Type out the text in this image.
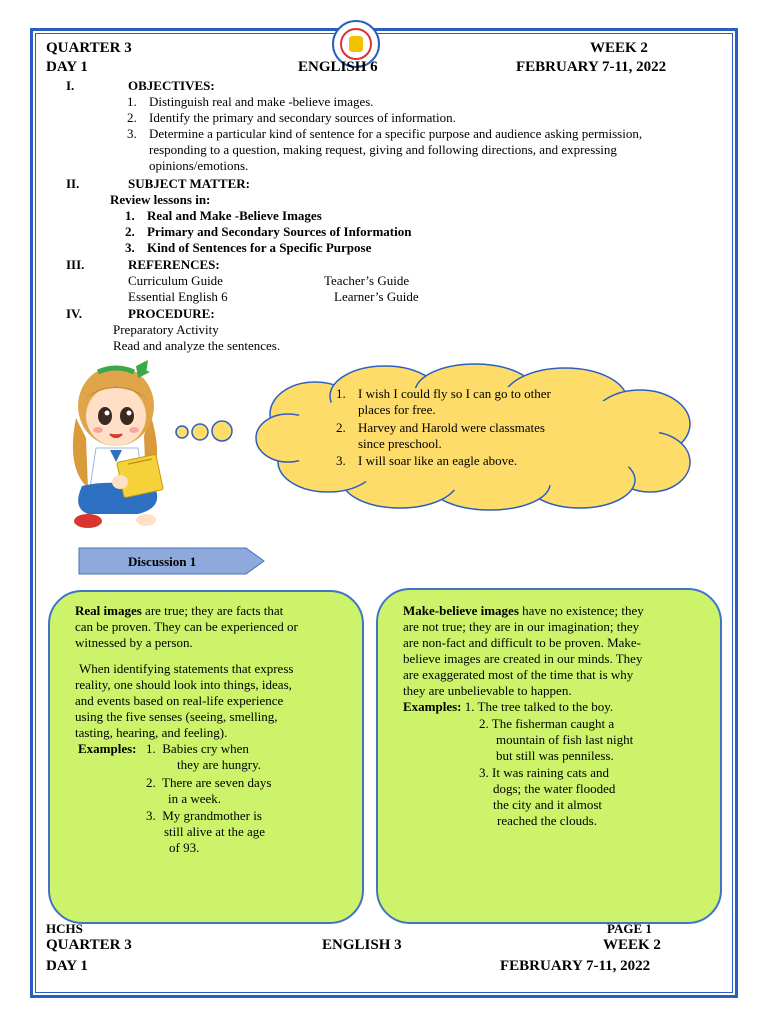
QUARTER 3	WEEK 2
DAY 1	ENGLISH 6	FEBRUARY 7-11, 2022
I.	OBJECTIVES:
1. Distinguish real and make -believe images.
2. Identify the primary and secondary sources of information.
3. Determine a particular kind of sentence for a specific purpose and audience asking permission,
responding to a question, making request, giving and following directions, and expressing
opinions/emotions.
II.	SUBJECT MATTER:
Review lessons in:
1. Real and Make -Believe Images
2. Primary and Secondary Sources of Information
3. Kind of Sentences for a Specific Purpose
III.	REFERENCES:
Curriculum Guide	Teacher’s Guide
Essential English 6	Learner’s Guide
IV.	PROCEDURE:
Preparatory Activity
Read and analyze the sentences.
1. I wish I could fly so I can go to other
places for free.
2. Harvey and Harold were classmates
since preschool.
3. I will soar like an eagle above.
Discussion 1
Real images are true; they are facts that
can be proven. They can be experienced or
witnessed by a person.
When identifying statements that express
reality, one should look into things, ideas,
and events based on real-life experience
using the five senses (seeing, smelling,
tasting, hearing, and feeling).
Examples: 1.  Babies cry when
they are hungry.
2.  There are seven days
in a week.
3.  My grandmother is
still alive at the age
of 93.
Make-believe images have no existence; they
are not true; they are in our imagination; they
are non-fact and difficult to be proven. Make-
believe images are created in our minds. They
are exaggerated most of the time that is why
they are unbelievable to happen.
Examples: 1. The tree talked to the boy.
2. The fisherman caught a
mountain of fish last night
but still was penniless.
3. It was raining cats and
dogs; the water flooded
the city and it almost
reached the clouds.
HCHS	PAGE 1
QUARTER 3	ENGLISH 3	WEEK 2
DAY 1	FEBRUARY 7-11, 2022
